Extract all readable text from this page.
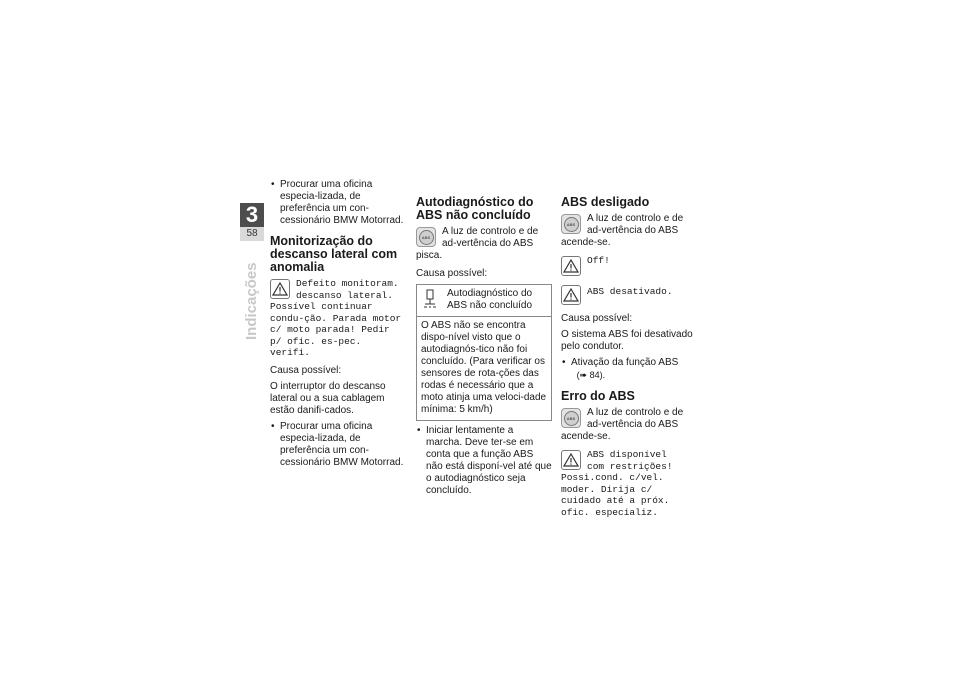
3
58
Indicações
• Procurar uma oficina especia-lizada, de preferência um con-cessionário BMW Motorrad.
Monitorização do descanso lateral com anomalia
Defeito monitoram.
descanso lateral.
Possível continuar condu-ção. Parada motor c/ moto parada! Pedir p/ ofic. es-pec. verifi.

Causa possível:

O interruptor do descanso lateral ou a sua cablagem estão danifi-cados.

• Procurar uma oficina especia-lizada, de preferência um con-cessionário BMW Motorrad.
Autodiagnóstico do ABS não concluído
ABS	A luz de controlo e de ad-vertência do ABS pisca.

Causa possível:

Autodiagnóstico do ABS não concluído
O ABS não se encontra dispo-nível visto que o autodiagnós-tico não foi concluído. (Para verificar os sensores de rota-ções das rodas é necessário que a moto atinja uma veloci-dade mínima: 5 km/h)
• Iniciar lentamente a marcha. Deve ter-se em conta que a função ABS não está disponí-vel até que o autodiagnóstico seja concluído.
ABS desligado
ABS	A luz de controlo e de ad-vertência do ABS acende-se.
Off!
ABS desativado.

Causa possível:

O sistema ABS foi desativado pelo condutor.

• Ativação da função ABS
(➠ 84).
Erro do ABS
ABS	A luz de controlo e de ad-vertência do ABS acende-se.
ABS disponível
com restrições!
Possi.cond. c/vel. moder. Dirija c/ cuidado até a próx. ofic. especializ.
